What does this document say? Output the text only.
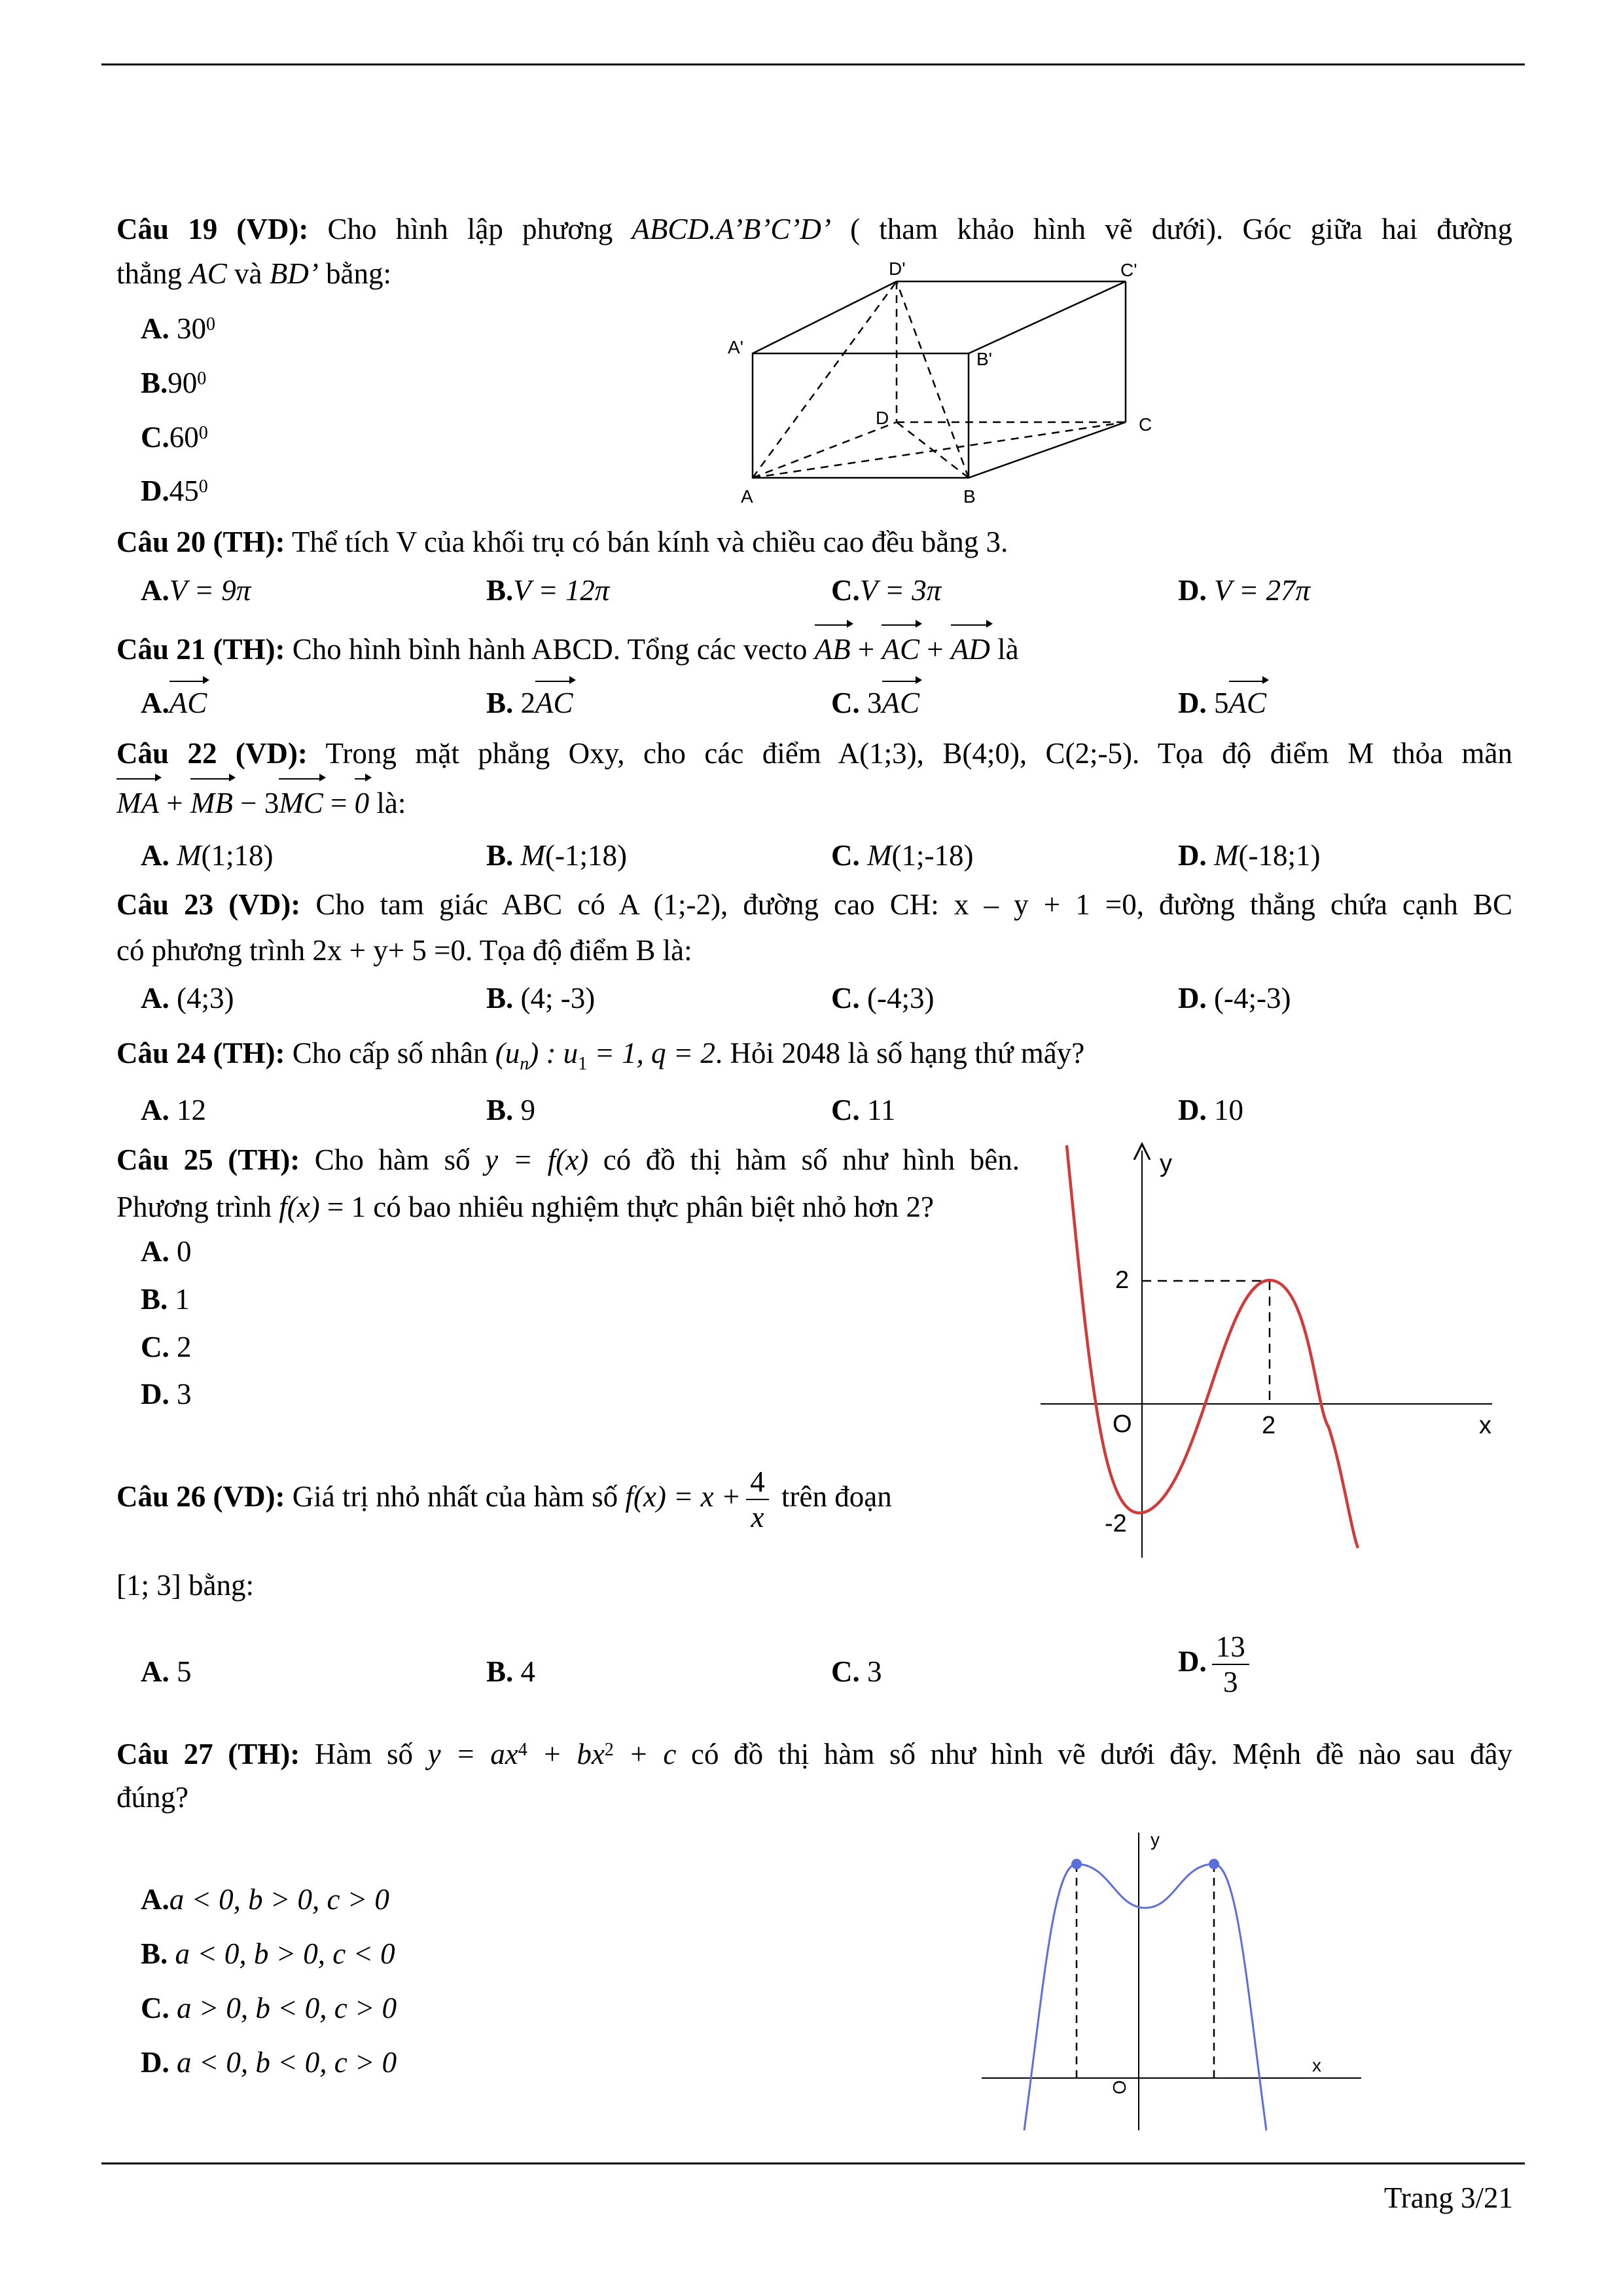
Câu 19 (VD): Cho hình lập phương ABCD.A’B’C’D’ ( tham khảo hình vẽ dưới). Góc giữa hai đường
thẳng AC và BD’ bằng:
A. $30^0$
$B.90^0$
$C.60^0$
$D.45^0$
D'	C'
A'
B'
D	C
A	B
Câu 20 (TH): Thể tích V của khối trụ có bán kính và chiều cao đều bằng 3.
A.V = 9π	B.V = 12π	C.V = 3π	D. V = 27π
Câu 21 (TH): Cho hình bình hành ABCD. Tổng các vecto AB + AC + AD là
A.AC	B. 2AC	C. 3AC	D. 5AC
Câu 22 (VD): Trong mặt phẳng Oxy, cho các điểm A(1;3), B(4;0), C(2;-5). Tọa độ điểm M thỏa mãn
MA + MB − 3MC = 0 là:
A. M(1;18)	B. M(-1;18)	C. M(1;-18)	D. M(-18;1)
Câu 23 (VD): Cho tam giác ABC có A (1;-2), đường cao CH: x – y + 1 =0, đường thẳng chứa cạnh BC
có phương trình 2x + y+ 5 =0. Tọa độ điểm B là:
A. (4;3)	B. (4; -3)	C. (-4;3)	D. (-4;-3)
Câu 24 (TH): Cho cấp số nhân $(u_n)$ : $u_1 = 1$, q = 2. Hỏi 2048 là số hạng thứ mấy?
A. 12	B. 9	C. 11	D. 10
Câu 25 (TH): Cho hàm số y = f(x) có đồ thị hàm số như hình bên.
Phương trình f(x) = 1 có bao nhiêu nghiệm thực phân biệt nhỏ hơn 2?
A. 0
B. 1
C. 2
D. 3
y
x
O
2
2
-2
Câu 26 (VD): Giá trị nhỏ nhất của hàm số $f(x) = x + \frac{4}{x}$ trên đoạn
[1; 3] bằng:
A. 5	B. 4	C. 3	D. $\frac{13}{3}$
Câu 27 (TH): Hàm số $y = ax^4 + bx^2 + c$ có đồ thị hàm số như hình vẽ dưới đây. Mệnh đề nào sau đây
đúng?
A.a < 0, b > 0, c > 0
B. a < 0, b > 0, c < 0
C. a > 0, b < 0, c > 0
D. a < 0, b < 0, c > 0
y
x
O
Trang 3/21
